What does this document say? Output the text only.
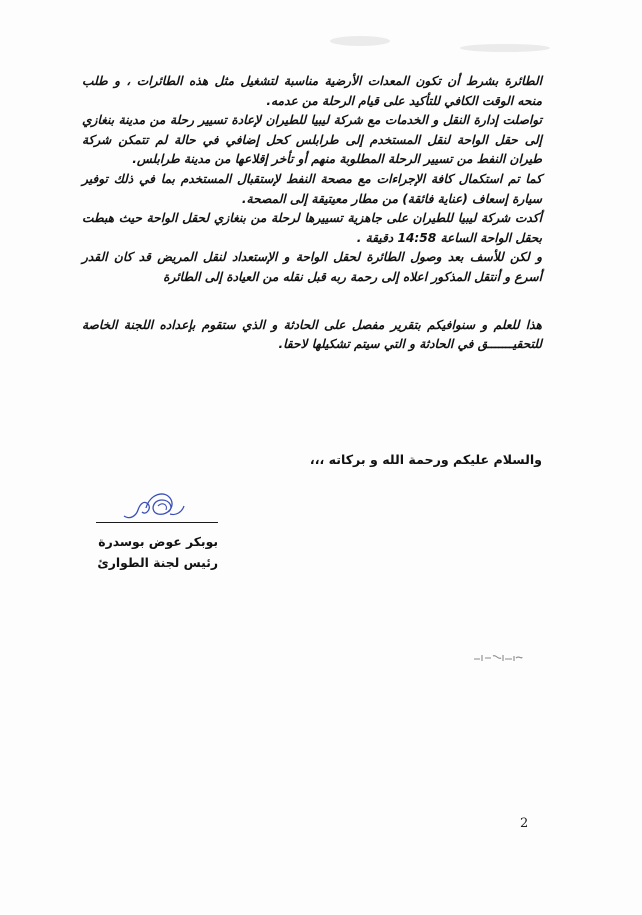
الطائرة بشرط أن تكون المعدات الأرضية مناسبة لتشغيل مثل هذه الطائرات ، و طلب منحه الوقت الكافي للتأكيد على قيام الرحلة من عدمه.

تواصلت إدارة النقل و الخدمات مع شركة ليبيا للطيران لإعادة تسيير رحلة من مدينة بنغازي إلى حقل الواحة لنقل المستخدم إلى طرابلس كحل إضافي في حالة لم تتمكن شركة طيران النفط من تسيير الرحلة المطلوبة منهم أو تأخر إقلاعها من مدينة طرابلس.

كما تم استكمال كافة الإجراءات مع مصحة النفط لإستقبال المستخدم بما في ذلك توفير سيارة إسعاف (عناية فائقة) من مطار معيتيقة إلى المصحة.

أكدت شركة ليبيا للطيران على جاهزية تسييرها لرحلة من بنغازي لحقل الواحة حيث هبطت بحقل الواحة الساعة 14:58 دقيقة .

و لكن للأسف بعد وصول الطائرة لحقل الواحة و الإستعداد لنقل المريض قد كان القدر أسرع و أنتقل المذكور اعلاه إلى رحمة ربه قبل نقله من العيادة إلى الطائرة

هذا للعلم و سنوافيكم بتقرير مفصل على الحادثة و الذي ستقوم بإعداده اللجنة الخاصة للتحقيـــــــق في الحادثة و التي سيتم تشكيلها لاحقا.

والسلام عليكم ورحمة الله و بركاته ،،،
بوبكر عوض بوسدرة
رئيس لجنة الطوارئ
2
